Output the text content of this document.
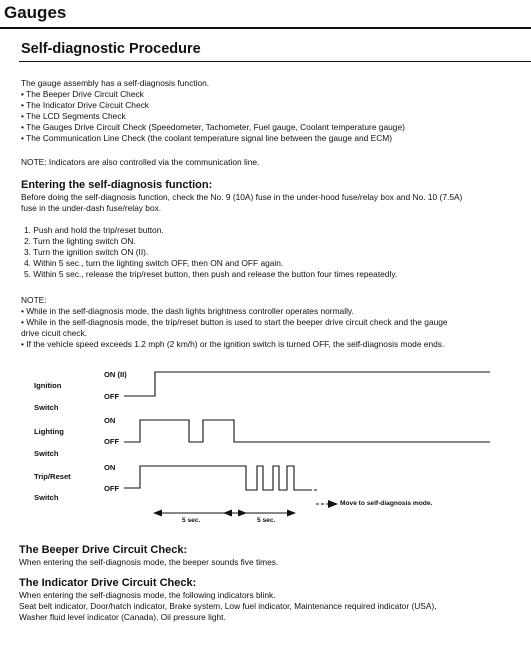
Gauges
Self-diagnostic Procedure
The gauge assembly has a self-diagnosis function.
• The Beeper Drive Circuit Check
• The Indicator Drive Circuit Check
• The LCD Segments Check
• The Gauges Drive Circuit Check (Speedometer, Tachometer, Fuel gauge, Coolant temperature gauge)
• The Communication Line Check (the coolant temperature signal line between the gauge and ECM)
NOTE: Indicators are also controlled via the communication line.
Entering the self-diagnosis function:
Before doing the self-diagnosis function, check the No. 9 (10A) fuse in the under-hood fuse/relay box and No. 10 (7.5A)
fuse in the under-dash fuse/relay box.
1. Push and hold the trip/reset button.
2. Turn the lighting switch ON.
3. Turn the ignition switch ON (II).
4. Within 5 sec., turn the lighting switch OFF, then ON and OFF again.
5. Within 5 sec., release the trip/reset button, then push and release the button four times repeatedly.
NOTE:
• While in the self-diagnosis mode, the dash lights brightness controller operates normally.
• While in the self-diagnosis mode, the trip/reset button is used to start the beeper drive circuit check and the gauge
drive cicuit check.
• If the vehicle speed exceeds 1.2 mph (2 km/h) or the ignition switch is turned OFF, the self-diagnosis mode ends.
Ignition
Switch
Lighting
Switch
Trip/Reset
Switch
ON (II)
OFF
ON
OFF
ON
OFF
5 sec.	5 sec.
Move to self-diagnosis mode.
The Beeper Drive Circuit Check:
When entering the self-diagnosis mode, the beeper sounds five times.
The Indicator Drive Circuit Check:
When entering the self-diagnosis mode, the following indicators blink.
Seat belt indicator, Door/hatch indicator, Brake system, Low fuel indicator, Maintenance required indicator (USA),
Washer fluid level indicator (Canada), Oil pressure light.
